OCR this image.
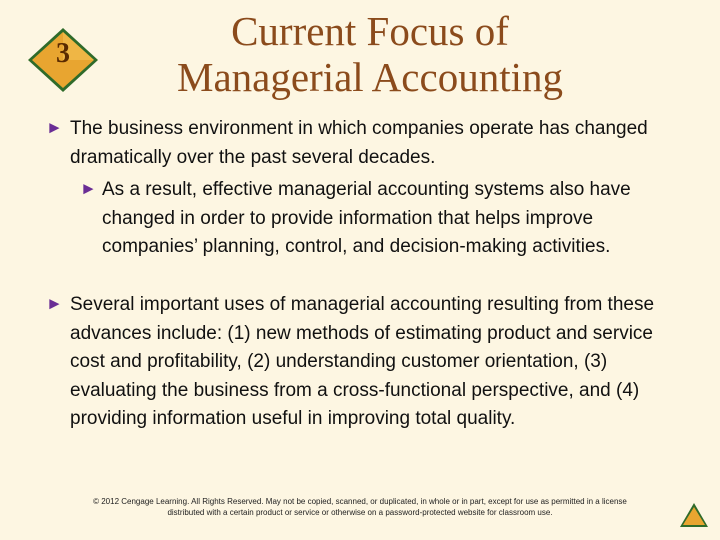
3	Current Focus of
Managerial Accounting
► The business environment in which companies operate has changed dramatically over the past several decades.
► As a result, effective managerial accounting systems also have changed in order to provide information that helps improve companies’ planning, control, and decision-making activities.
► Several important uses of managerial accounting resulting from these advances include: (1) new methods of estimating product and service cost and profitability, (2) understanding customer orientation, (3) evaluating the business from a cross-functional perspective, and (4) providing information useful in improving total quality.
© 2012 Cengage Learning. All Rights Reserved. May not be copied, scanned, or duplicated, in whole or in part, except for use as permitted in a license
distributed with a certain product or service or otherwise on a password-protected website for classroom use.
